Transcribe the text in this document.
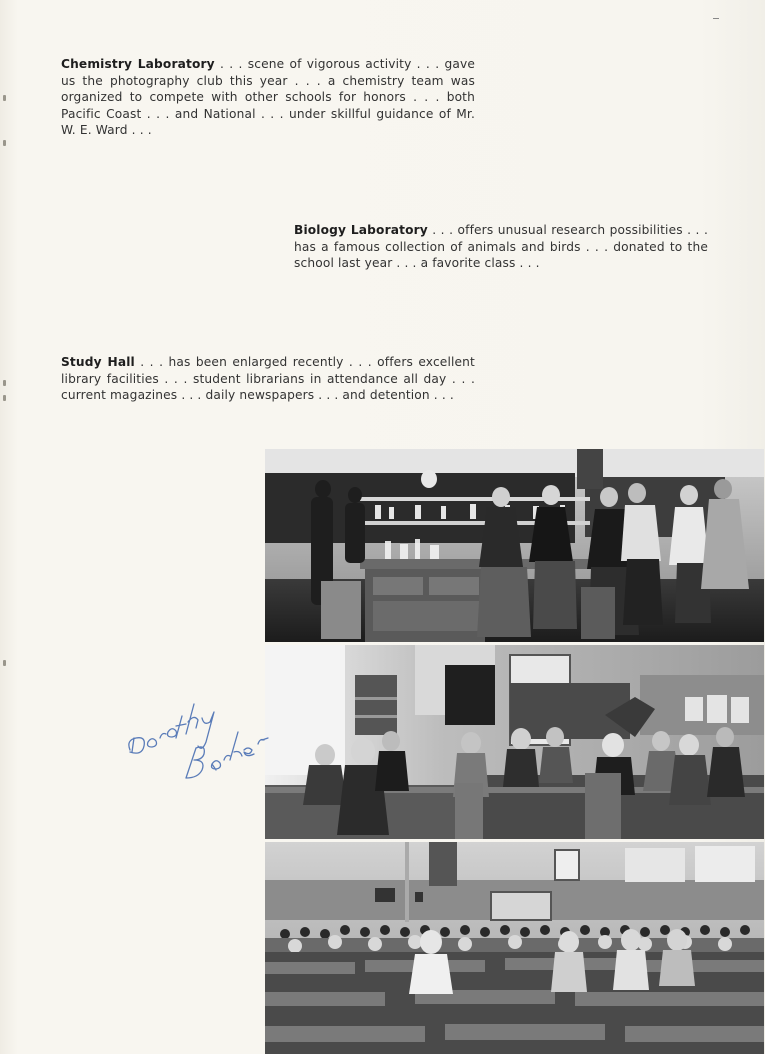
Chemistry Laboratory . . . scene of vigorous activity . . . gave us the photography club this year . . . a chemistry team was organized to compete with other schools for honors . . . both Pacific Coast . . . and National . . . under skillful guidance of Mr. W. E. Ward . . .

Biology Laboratory . . . offers unusual research possibilities . . . has a famous collection of animals and birds . . . donated to the school last year . . . a favorite class . . .

Study Hall . . . has been enlarged recently . . . offers excellent library facilities . . . student librarians in attendance all day . . . current magazines . . . daily newspapers . . . and detention . . .
